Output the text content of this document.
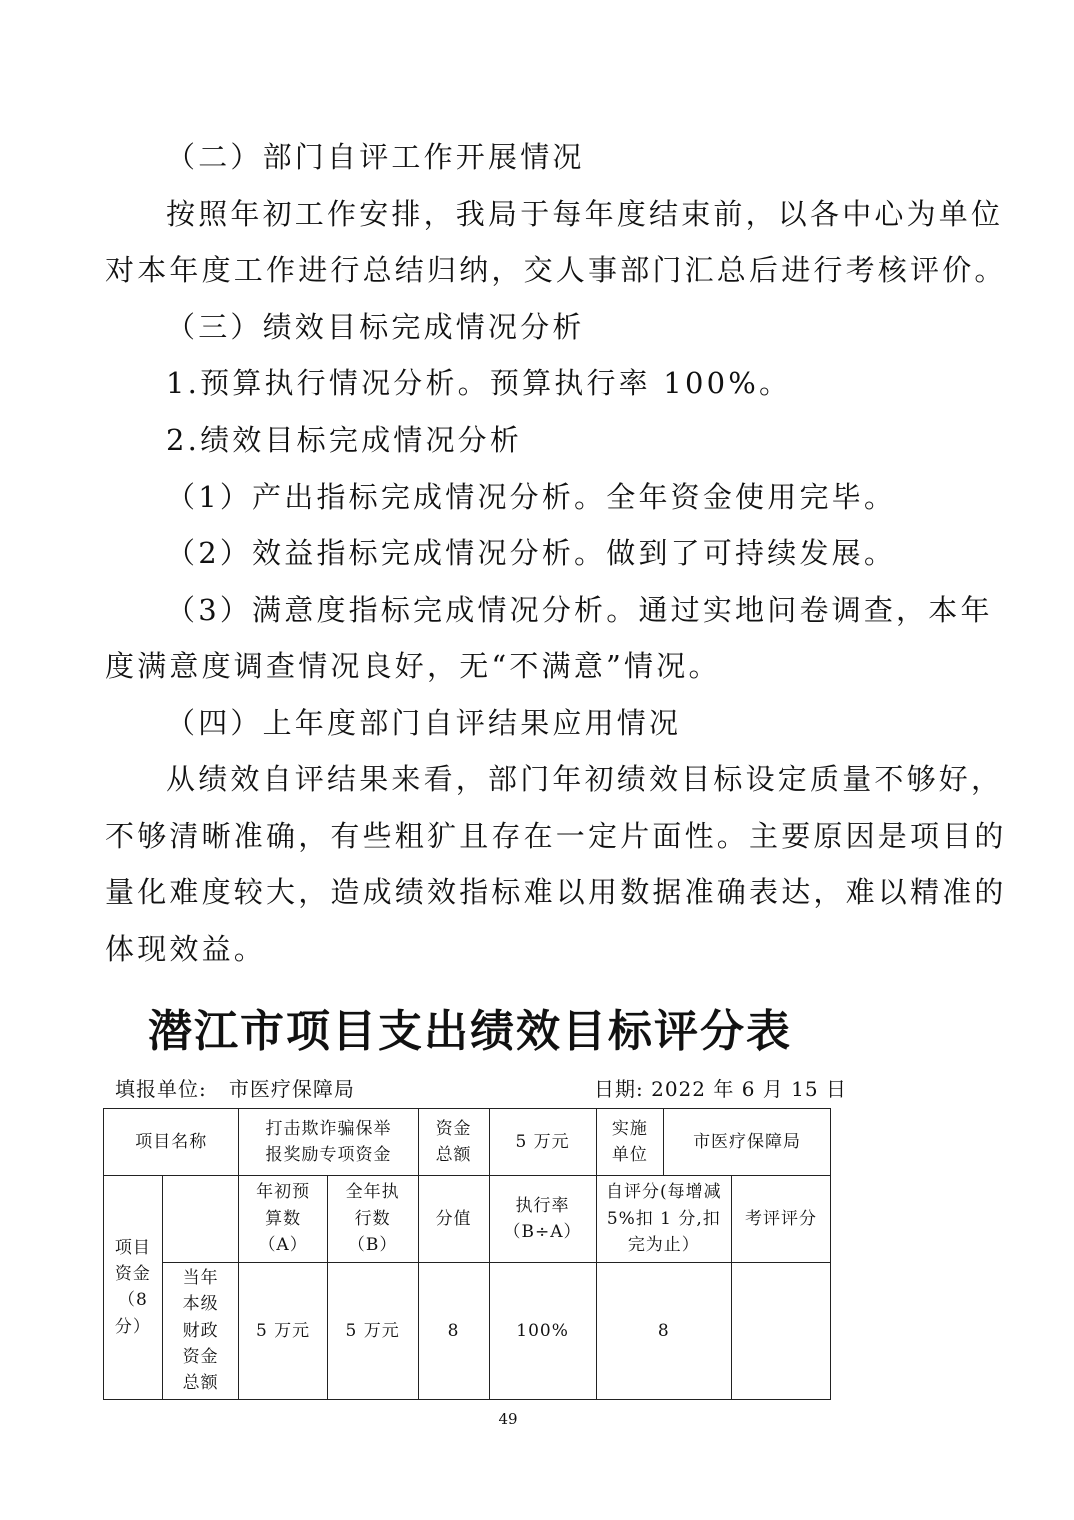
（二）部门自评工作开展情况
按照年初工作安排，我局于每年度结束前，以各中心为单位
对本年度工作进行总结归纳，交人事部门汇总后进行考核评价。
（三）绩效目标完成情况分析
1.预算执行情况分析。预算执行率 100%。
2.绩效目标完成情况分析
（1）产出指标完成情况分析。全年资金使用完毕。
（2）效益指标完成情况分析。做到了可持续发展。
（3）满意度指标完成情况分析。通过实地问卷调查，本年
度满意度调查情况良好，无“不满意”情况。
（四）上年度部门自评结果应用情况
从绩效自评结果来看，部门年初绩效目标设定质量不够好，
不够清晰准确，有些粗犷且存在一定片面性。主要原因是项目的
量化难度较大，造成绩效指标难以用数据准确表达，难以精准的
体现效益。
潜江市项目支出绩效目标评分表
填报单位: 市医疗保障局	日期: 2022 年 6 月 15 日
项目名称		打击欺诈骗保举报奖励专项资金		资金总额	5 万元	实施单位	市医疗保障局	
项目资金（8分）		年初预算数（A）	全年执行数（B）	分值	执行率（B÷A）	自评分(每增减5%扣 1 分,扣完为止）		考评评分
	当年本级财政资金总额	5 万元	5 万元	8	100%	8		
49
